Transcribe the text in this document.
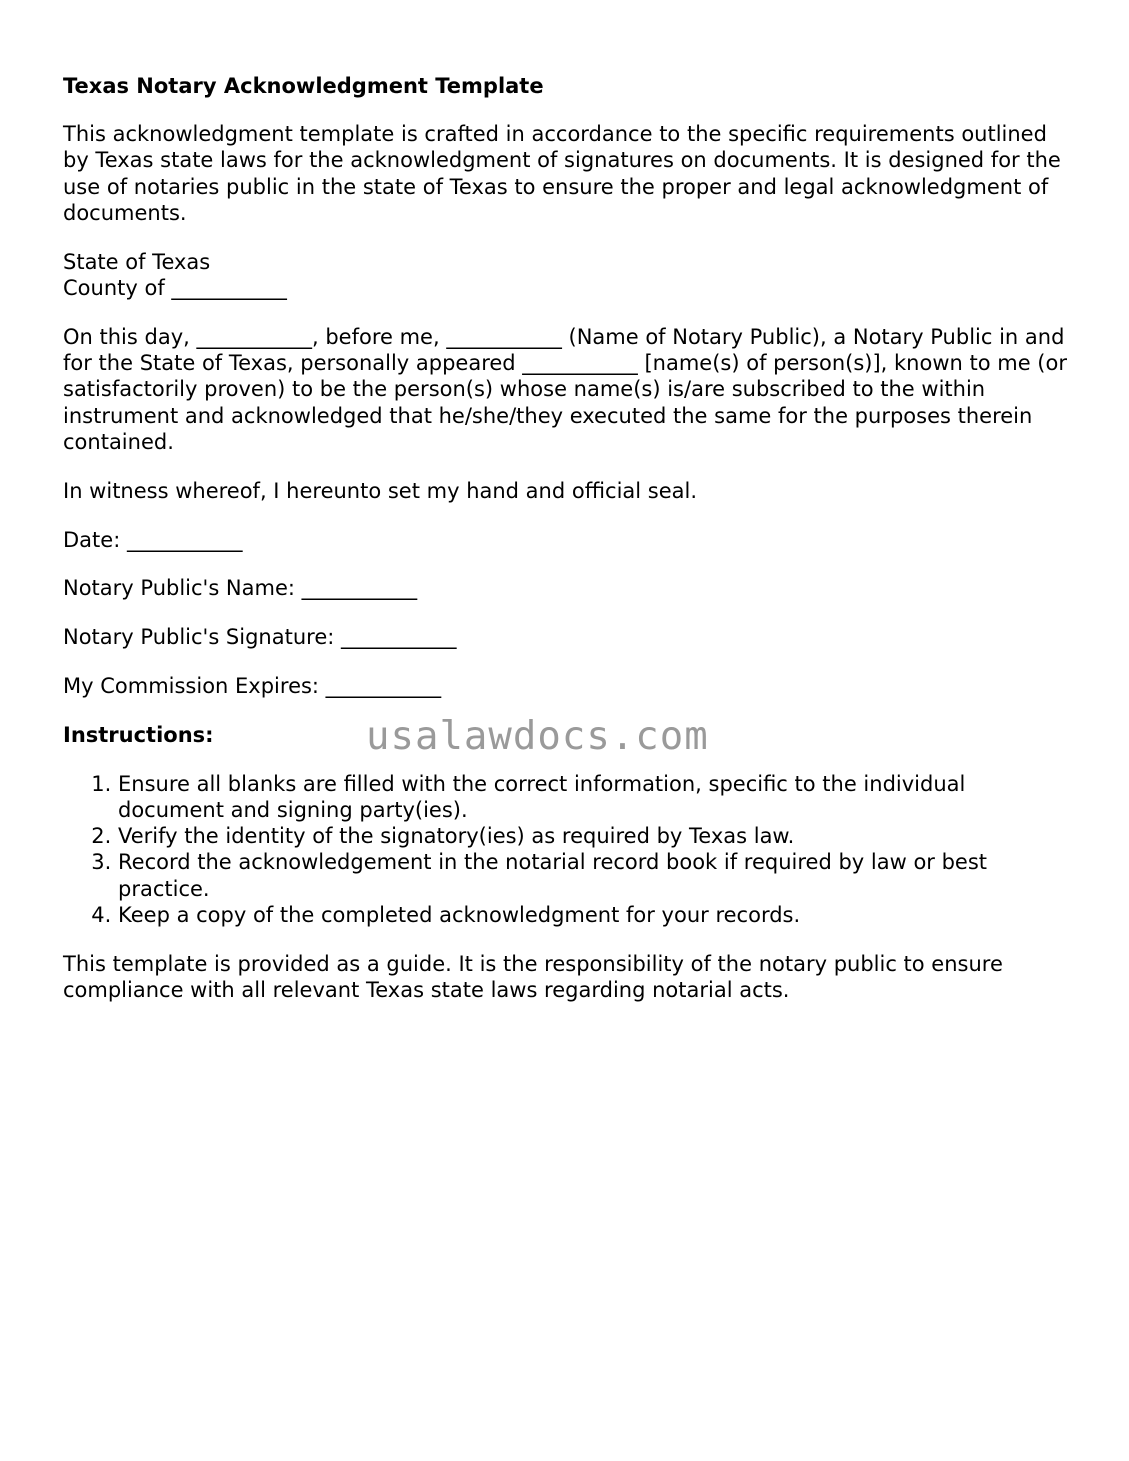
Texas Notary Acknowledgment Template

This acknowledgment template is crafted in accordance to the specific requirements outlined by Texas state laws for the acknowledgment of signatures on documents. It is designed for the use of notaries public in the state of Texas to ensure the proper and legal acknowledgment of documents.

State of Texas
County of ___________

On this day, ___________, before me, ___________ (Name of Notary Public), a Notary Public in and for the State of Texas, personally appeared ___________ [name(s) of person(s)], known to me (or satisfactorily proven) to be the person(s) whose name(s) is/are subscribed to the within instrument and acknowledged that he/she/they executed the same for the purposes therein contained.

In witness whereof, I hereunto set my hand and official seal.

Date: ___________

Notary Public's Name: ___________

Notary Public's Signature: ___________

My Commission Expires: ___________

Instructions:
1. Ensure all blanks are filled with the correct information, specific to the individual document and signing party(ies).
2. Verify the identity of the signatory(ies) as required by Texas law.
3. Record the acknowledgement in the notarial record book if required by law or best practice.
4. Keep a copy of the completed acknowledgment for your records.

This template is provided as a guide. It is the responsibility of the notary public to ensure compliance with all relevant Texas state laws regarding notarial acts.

usalawdocs.com
